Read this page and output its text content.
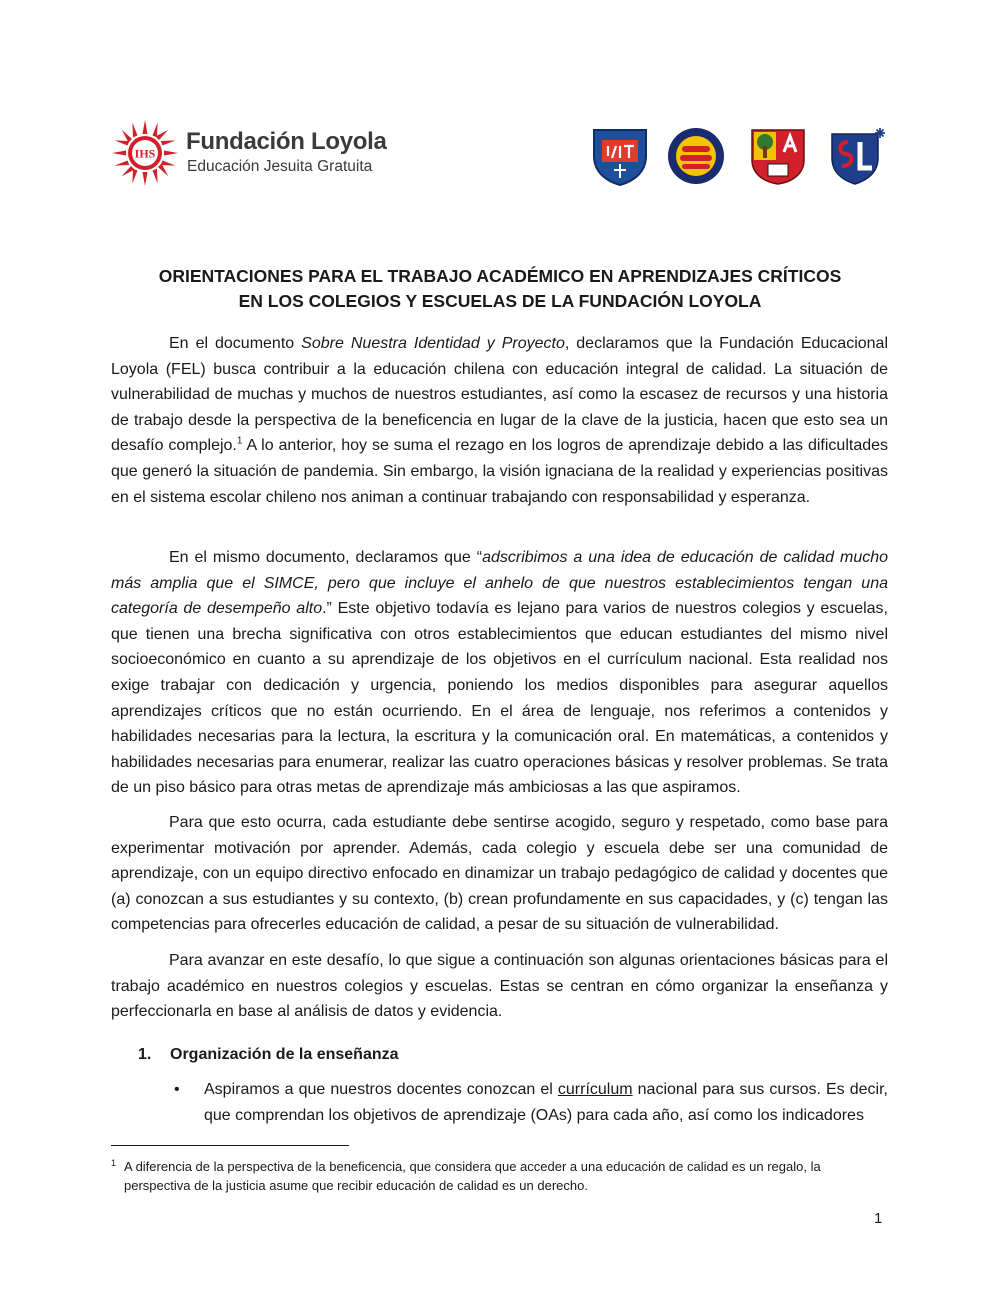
IHS Fundación Loyola
Educación Jesuita Gratuita
ORIENTACIONES PARA EL TRABAJO ACADÉMICO EN APRENDIZAJES CRÍTICOS
EN LOS COLEGIOS Y ESCUELAS DE LA FUNDACIÓN LOYOLA
En el documento Sobre Nuestra Identidad y Proyecto, declaramos que la Fundación Educacional Loyola (FEL) busca contribuir a la educación chilena con educación integral de calidad. La situación de vulnerabilidad de muchas y muchos de nuestros estudiantes, así como la escasez de recursos y una historia de trabajo desde la perspectiva de la beneficencia en lugar de la clave de la justicia, hacen que esto sea un desafío complejo.$^1$ A lo anterior, hoy se suma el rezago en los logros de aprendizaje debido a las dificultades que generó la situación de pandemia. Sin embargo, la visión ignaciana de la realidad y experiencias positivas en el sistema escolar chileno nos animan a continuar trabajando con responsabilidad y esperanza.
En el mismo documento, declaramos que “adscribimos a una idea de educación de calidad mucho más amplia que el SIMCE, pero que incluye el anhelo de que nuestros establecimientos tengan una categoría de desempeño alto.” Este objetivo todavía es lejano para varios de nuestros colegios y escuelas, que tienen una brecha significativa con otros establecimientos que educan estudiantes del mismo nivel socioeconómico en cuanto a su aprendizaje de los objetivos en el currículum nacional. Esta realidad nos exige trabajar con dedicación y urgencia, poniendo los medios disponibles para asegurar aquellos aprendizajes críticos que no están ocurriendo. En el área de lenguaje, nos referimos a contenidos y habilidades necesarias para la lectura, la escritura y la comunicación oral. En matemáticas, a contenidos y habilidades necesarias para enumerar, realizar las cuatro operaciones básicas y resolver problemas. Se trata de un piso básico para otras metas de aprendizaje más ambiciosas a las que aspiramos.
Para que esto ocurra, cada estudiante debe sentirse acogido, seguro y respetado, como base para experimentar motivación por aprender. Además, cada colegio y escuela debe ser una comunidad de aprendizaje, con un equipo directivo enfocado en dinamizar un trabajo pedagógico de calidad y docentes que (a) conozcan a sus estudiantes y su contexto, (b) crean profundamente en sus capacidades, y (c) tengan las competencias para ofrecerles educación de calidad, a pesar de su situación de vulnerabilidad.
Para avanzar en este desafío, lo que sigue a continuación son algunas orientaciones básicas para el trabajo académico en nuestros colegios y escuelas. Estas se centran en cómo organizar la enseñanza y perfeccionarla en base al análisis de datos y evidencia.
1. Organización de la enseñanza
• Aspiramos a que nuestros docentes conozcan el currículum nacional para sus cursos. Es decir, que comprendan los objetivos de aprendizaje (OAs) para cada año, así como los indicadores
1 A diferencia de la perspectiva de la beneficencia, que considera que acceder a una educación de calidad es un regalo, la perspectiva de la justicia asume que recibir educación de calidad es un derecho.
1
